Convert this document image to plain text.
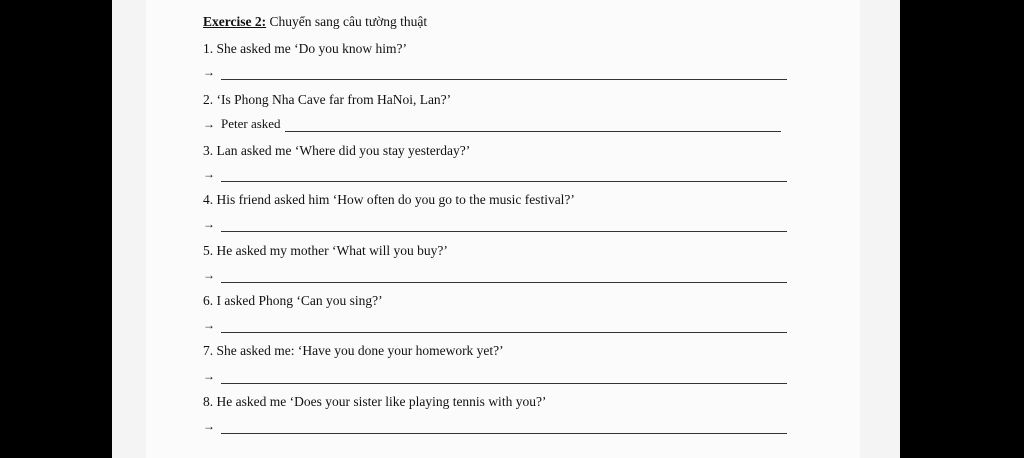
Exercise 2: Chuyển sang câu tường thuật
1. She asked me ‘Do you know him?’
→
2. ‘Is Phong Nha Cave far from HaNoi, Lan?’
→ Peter asked
3. Lan asked me ‘Where did you stay yesterday?’
→
4. His friend asked him ‘How often do you go to the music festival?’
→
5. He asked my mother ‘What will you buy?’
→
6. I asked Phong ‘Can you sing?’
→
7. She asked me: ‘Have you done your homework yet?’
→
8. He asked me ‘Does your sister like playing tennis with you?’
→
